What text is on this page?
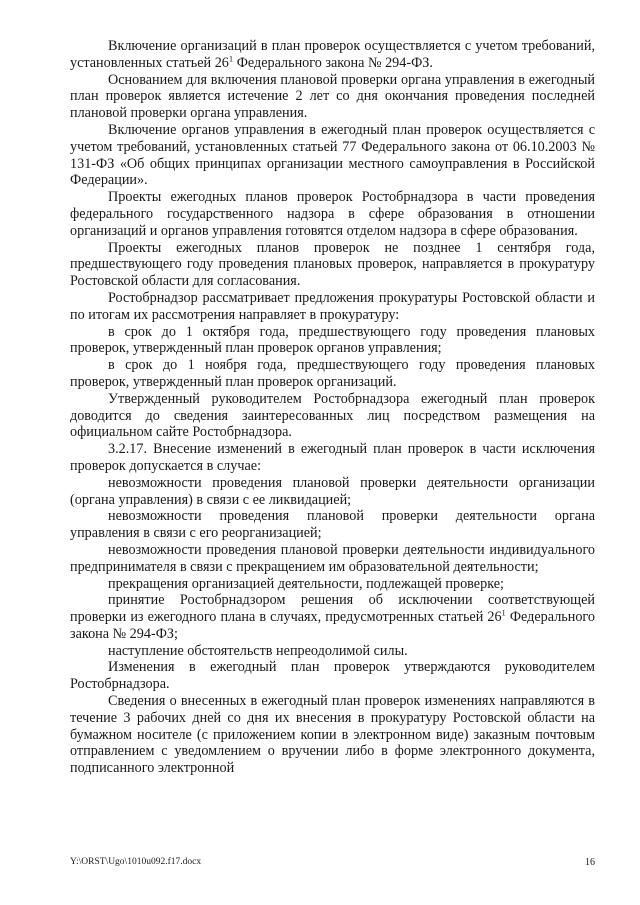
Включение организаций в план проверок осуществляется с учетом требований, установленных статьей $26^1$ Федерального закона № 294-ФЗ.

Основанием для включения плановой проверки органа управления в ежегодный план проверок является истечение 2 лет со дня окончания проведения последней плановой проверки органа управления.

Включение органов управления в ежегодный план проверок осуществляется с учетом требований, установленных статьей 77 Федерального закона от 06.10.2003 № 131-ФЗ «Об общих принципах организации местного самоуправления в Российской Федерации».

Проекты ежегодных планов проверок Ростобрнадзора в части проведения федерального государственного надзора в сфере образования в отношении организаций и органов управления готовятся отделом надзора в сфере образования.

Проекты ежегодных планов проверок не позднее 1 сентября года, предшествующего году проведения плановых проверок, направляется в прокуратуру Ростовской области для согласования.

Ростобрнадзор рассматривает предложения прокуратуры Ростовской области и по итогам их рассмотрения направляет в прокуратуру:

в срок до 1 октября года, предшествующего году проведения плановых проверок, утвержденный план проверок органов управления;

в срок до 1 ноября года, предшествующего году проведения плановых проверок, утвержденный план проверок организаций.

Утвержденный руководителем Ростобрнадзора ежегодный план проверок доводится до сведения заинтересованных лиц посредством размещения на официальном сайте Ростобрнадзора.

3.2.17. Внесение изменений в ежегодный план проверок в части исключения проверок допускается в случае:

невозможности проведения плановой проверки деятельности организации (органа управления) в связи с ее ликвидацией;

невозможности проведения плановой проверки деятельности органа управления в связи с его реорганизацией;

невозможности проведения плановой проверки деятельности индивидуального предпринимателя в связи с прекращением им образовательной деятельности;

прекращения организацией деятельности, подлежащей проверке;

принятие Ростобрнадзором решения об исключении соответствующей проверки из ежегодного плана в случаях, предусмотренных статьей $26^1$ Федерального закона № 294-ФЗ;

наступление обстоятельств непреодолимой силы.

Изменения в ежегодный план проверок утверждаются руководителем Ростобрнадзора.

Сведения о внесенных в ежегодный план проверок изменениях направляются в течение 3 рабочих дней со дня их внесения в прокуратуру Ростовской области на бумажном носителе (с приложением копии в электронном виде) заказным почтовым отправлением с уведомлением о вручении либо в форме электронного документа, подписанного электронной

Y:\ORST\Ugo\1010u092.f17.docx	16
